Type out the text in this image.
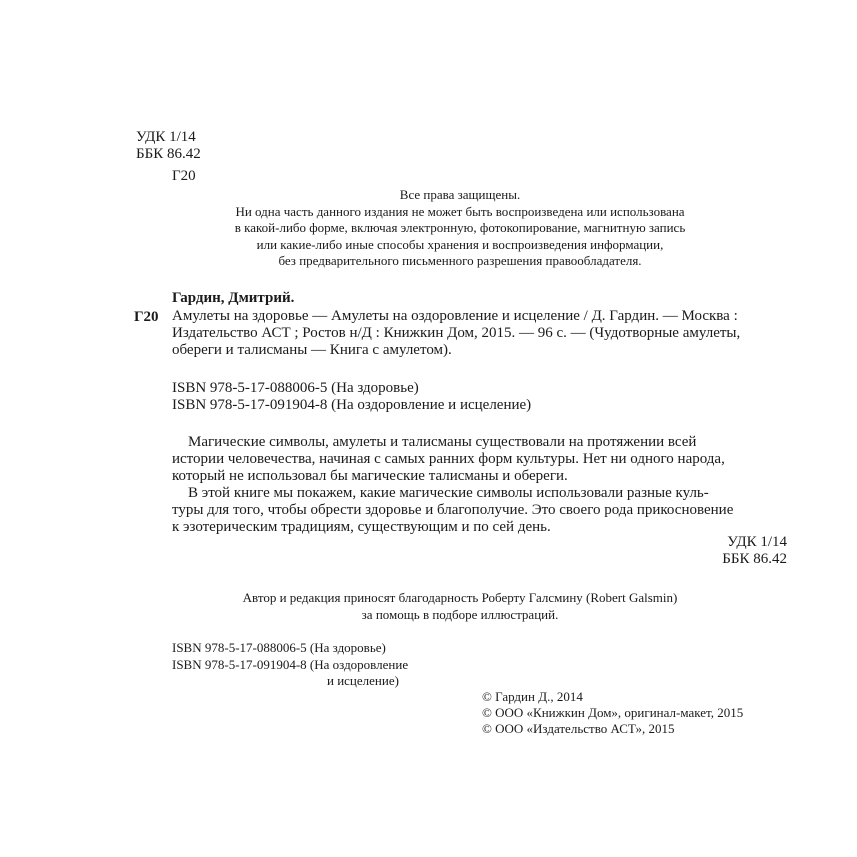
УДК 1/14
ББК 86.42
Г20
Все права защищены.
Ни одна часть данного издания не может быть воспроизведена или использована
в какой-либо форме, включая электронную, фотокопирование, магнитную запись
или какие-либо иные способы хранения и воспроизведения информации,
без предварительного письменного разрешения правообладателя.
Г20
Гардин, Дмитрий.
Амулеты на здоровье — Амулеты на оздоровление и исцеление / Д. Гардин. — Москва :
Издательство АСТ ; Ростов н/Д : Книжкин Дом, 2015. — 96 с. — (Чудотворные амулеты,
обереги и талисманы — Книга с амулетом).
ISBN 978-5-17-088006-5 (На здоровье)
ISBN 978-5-17-091904-8 (На оздоровление и исцеление)
Магические символы, амулеты и талисманы существовали на протяжении всей
истории человечества, начиная с самых ранних форм культуры. Нет ни одного народа,
который не использовал бы магические талисманы и обереги.
В этой книге мы покажем, какие магические символы использовали разные куль-
туры для того, чтобы обрести здоровье и благополучие. Это своего рода прикосновение
к эзотерическим традициям, существующим и по сей день.
УДК 1/14
ББК 86.42
Автор и редакция приносят благодарность Роберту Галсмину (Robert Galsmin)
за помощь в подборе иллюстраций.
ISBN 978-5-17-088006-5 (На здоровье)
ISBN 978-5-17-091904-8 (На оздоровление
и исцеление)
© Гардин Д., 2014
© ООО «Книжкин Дом», оригинал-макет, 2015
© ООО «Издательство АСТ», 2015
